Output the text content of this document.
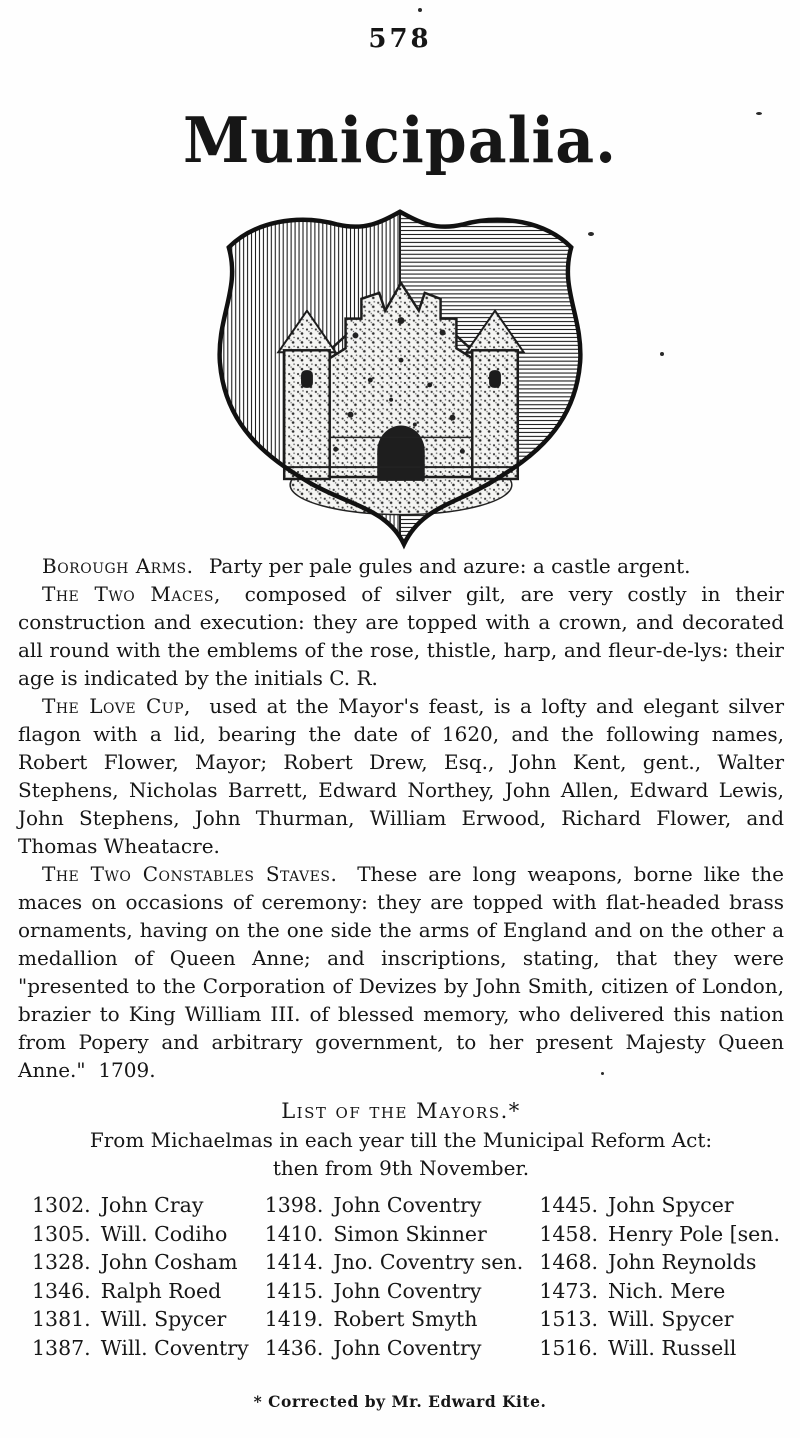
578
Municipalia.

Borough Arms. Party per pale gules and azure: a castle argent.

The Two Maces, composed of silver gilt, are very costly in their construction and execution: they are topped with a crown, and decorated all round with the emblems of the rose, thistle, harp, and fleur-de-lys: their age is indicated by the initials C. R.

The Love Cup, used at the Mayor's feast, is a lofty and elegant silver flagon with a lid, bearing the date of 1620, and the following names, Robert Flower, Mayor; Robert Drew, Esq., John Kent, gent., Walter Stephens, Nicholas Barrett, Edward Northey, John Allen, Edward Lewis, John Stephens, John Thurman, William Erwood, Richard Flower, and Thomas Wheatacre.

The Two Constables Staves. These are long weapons, borne like the maces on occasions of ceremony: they are topped with flat-headed brass ornaments, having on the one side the arms of England and on the other a medallion of Queen Anne; and inscriptions, stating, that they were "presented to the Corporation of Devizes by John Smith, citizen of London, brazier to King William III. of blessed memory, who delivered this nation from Popery and arbitrary government, to her present Majesty Queen Anne."  1709.

List of the Mayors.*
From Michaelmas in each year till the Municipal Reform Act: then from 9th November.
1302. John Cray
1305. Will. Codiho
1328. John Cosham
1346. Ralph Roed
1381. Will. Spycer
1387. Will. Coventry
1398. John Coventry
1410. Simon Skinner
1414. Jno. Coventry sen.
1415. John Coventry
1419. Robert Smyth
1436. John Coventry
1445. John Spycer
1458. Henry Pole [sen.
1468. John Reynolds
1473. Nich. Mere
1513. Will. Spycer
1516. Will. Russell
* Corrected by Mr. Edward Kite.
